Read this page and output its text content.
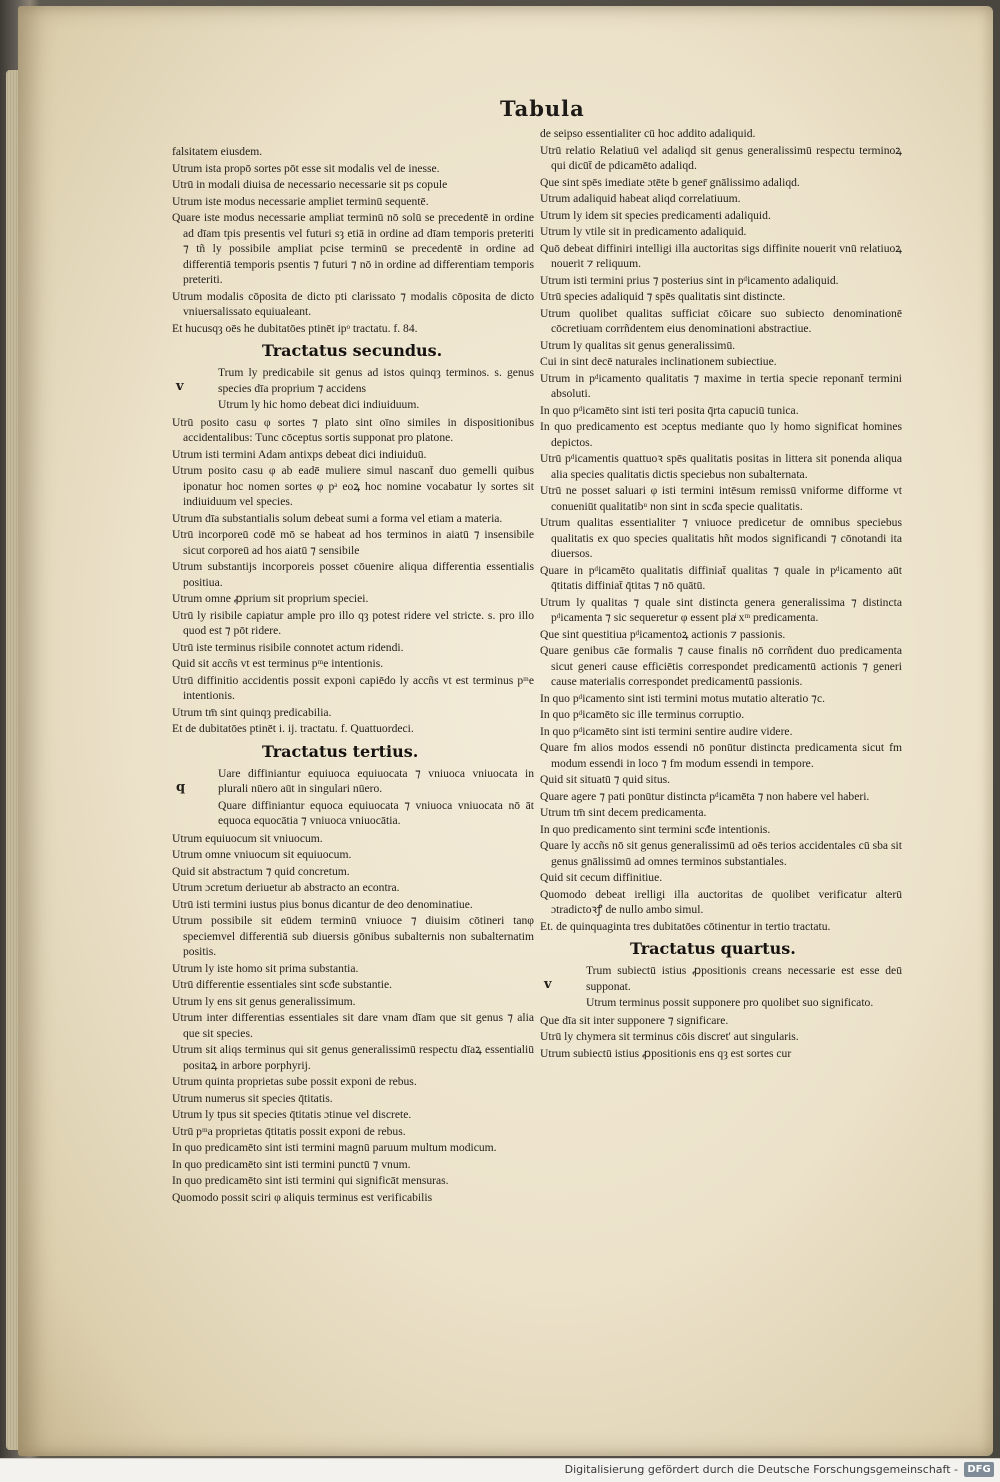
Tabula
falsitatem eiusdem.
Utrum ista propō sortes pōt esse sit modalis vel de inesse.
Utrū in modali diuisa de necessario necessarie sit ps copule
Utrum iste modus necessarie ampliet terminū sequentē.
Quare iste modus necessarie ampliat terminū nō solū se precedentē in ordine ad dīam tpis presentis vel futuri sȝ etiā in ordine ad dīam temporis preteriti ⁊ tñ ly possibile ampliat pcise terminū se precedentē in ordine ad differentiā temporis psentis ⁊ futuri ⁊ nō in ordine ad differentiam temporis preteriti.
Utrum modalis cōposita de dicto pti clarissato ⁊ modalis cōposita de dicto vniuersalissato equiualeant.
Et hucusqȝ oēs he dubitatōes ptinēt ipᵒ tractatu. f. 84.
Tractatus secundus.
v
Trum ly predicabile sit genus ad istos quinqȝ terminos. s. genus species dīa proprium ⁊ accidens
Utrum ly hic homo debeat dici indiuiduum.
Utrū posito casu φ sortes ⁊ plato sint oīno similes in dispositionibus accidentalibus: Tunc cōceptus sortis supponat pro platone.
Utrum isti termini Adam antixps debeat dici indiuiduū.
Utrum posito casu φ ab eadē muliere simul nascant̄ duo gemelli quibus iponatur hoc nomen sortes φ pᵃ eoꝝ hoc nomine vocabatur ly sortes sit indiuiduum vel species.
Utrum dīa substantialis solum debeat sumi a forma vel etiam a materia.
Utrū incorporeū codē mō se habeat ad hos terminos in aiatū ⁊ insensibile sicut corporeū ad hos aiatū ⁊ sensibile
Utrum substantijs incorporeis posset cōuenire aliqua differentia essentialis positiua.
Utrum omne ꝓprium sit proprium speciei.
Utrū ly risibile capiatur ample pro illo qȝ potest ridere vel stricte. s. pro illo quod est ⁊ pōt ridere.
Utrū iste terminus risibile connotet actum ridendi.
Quid sit accñs vt est terminus pᵐe intentionis.
Utrū diffinitio accidentis possit exponi capiēdo ly accñs vt est terminus pᵐe intentionis.
Utrum tm̄ sint quinqȝ predicabilia.
Et de dubitatōes ptinēt i. ij. tractatu. f. Quattuordeci.
Tractatus tertius.
q
Uare diffiniantur equiuoca equiuocata ⁊ vniuoca vniuocata in plurali nūero aūt in singulari nūero.
Quare diffiniantur equoca equiuocata ⁊ vniuoca vniuocata nō āt equoca equocātia ⁊ vniuoca vniuocātia.
Utrum equiuocum sit vniuocum.
Utrum omne vniuocum sit equiuocum.
Quid sit abstractum ⁊ quid concretum.
Utrum ɔcretum deriuetur ab abstracto an econtra.
Utrū isti termini iustus pius bonus dicantur de deo denominatiue.
Utrum possibile sit eūdem terminū vniuoce ⁊ diuisim cōtineri tanφ speciemvel differentiā sub diuersis gōnibus subalternis non subalternatim positis.
Utrum ly iste homo sit prima substantia.
Utrū differentie essentiales sint scđe substantie.
Utrum ly ens sit genus generalissimum.
Utrum inter differentias essentiales sit dare vnam dīam que sit genus ⁊ alia que sit species.
Utrum sit aliqs terminus qui sit genus generalissimū respectu dīaꝝ essentialiū positaꝝ in arbore porphyrij.
Utrum quinta proprietas sube possit exponi de rebus.
Utrum numerus sit species q̄titatis.
Utrum ly tpus sit species q̄titatis ɔtinue vel discrete.
Utrū pᵐa proprietas q̄titatis possit exponi de rebus.
In quo predicamēto sint isti termini magnū paruum multum modicum.
In quo predicamēto sint isti termini punctū ⁊ vnum.
In quo predicamēto sint isti termini qui significāt mensuras.
Quomodo possit sciri φ aliquis terminus est verificabilis
de seipso essentialiter cū hoc addito adaliquid.
Utrū relatio Relatiuū vel adaliqd sit genus generalissimū respectu terminoꝝ qui dicūt̄ de pdicamēto adaliqd.
Que sint spēs imediate ɔtēte b gener̄ gnālissimo adaliqd.
Utrum adaliquid habeat aliqd correlatiuum.
Utrum ly idem sit species predicamenti adaliquid.
Utrum ly vtile sit in predicamento adaliquid.
Quō debeat diffiniri intelligi illa auctoritas sigs diffinite nouerit vnū relatiuoꝝ nouerit ⁊ reliquum.
Utrum isti termini prius ⁊ posterius sint in pᵈicamento adaliquid.
Utrū species adaliquid ⁊ spēs qualitatis sint distincte.
Utrum quolibet qualitas sufficiat cōicare suo subiecto denominationē cōcretiuam corrñdentem eius denominationi abstractiue.
Utrum ly qualitas sit genus generalissimū.
Cui in sint decē naturales inclinationem subiectiue.
Utrum in pᵈicamento qualitatis ⁊ maxime in tertia specie reponant̄ termini absoluti.
In quo pᵈicamēto sint isti teri posita q̄rta capuciū tunica.
In quo predicamento est ɔceptus mediante quo ly homo significat homines depictos.
Utrū pᵈicamentis quattuoꝛ spēs qualitatis positas in littera sit ponenda aliqua alia species qualitatis dictis speciebus non subalternata.
Utrū ne posset saluari φ isti termini intēsum remissū vniforme difforme vt conueniūt qualitatibᵘ non sint in scđa specie qualitatis.
Utrum qualitas essentialiter ⁊ vniuoce predicetur de omnibus speciebus qualitatis ex quo species qualitatis hñt modos significandi ⁊ cōnotandi ita diuersos.
Quare in pᵈicamēto qualitatis diffiniat̄ qualitas ⁊ quale in pᵈicamento aūt q̄titatis diffiniat̄ q̄titas ⁊ nō quātū.
Utrum ly qualitas ⁊ quale sint distincta genera generalissima ⁊ distincta pᵈicamenta ⁊ sic sequeretur φ essent plaͥ xᵐ predicamenta.
Que sint questitiua pᵈicamentoꝝ actionis ⁊ passionis.
Quare genibus cāe formalis ⁊ cause finalis nō corrñdent duo predicamenta sicut generi cause efficiētis correspondet predicamentū actionis ⁊ generi cause materialis correspondet predicamentū passionis.
In quo pᵈicamento sint isti termini motus mutatio alteratio ⁊c.
In quo pᵈicamēto sic ille terminus corruptio.
In quo pᵈicamēto sint isti termini sentire audire videre.
Quare fm alios modos essendi nō ponūtur distincta predicamenta sicut fm modum essendi in loco ⁊ fm modum essendi in tempore.
Quid sit situatū ⁊ quid situs.
Quare agere ⁊ pati ponūtur distincta pᵈicamēta ⁊ non habere vel haberi.
Utrum tm̄ sint decem predicamenta.
In quo predicamento sint termini scđe intentionis.
Quare ly accñs nō sit genus generalissimū ad oēs terios accidentales cū sba sit genus gnālissimū ad omnes terminos substantiales.
Quid sit cecum diffinitiue.
Quomodo debeat irelligi illa auctoritas de quolibet verificatur alterū ɔtradictoꝛꝭ de nullo ambo simul.
Et. de quinquaginta tres dubitatōes cōtinentur in tertio tractatu.
Tractatus quartus.
v
Trum subiectū istius ꝓpositionis creans necessarie est esse deū supponat.
Utrum terminus possit supponere pro quolibet suo significato.
Que dīa sit inter supponere ⁊ significare.
Utrū ly chymera sit terminus cōis discret' aut singularis.
Utrum subiectū istius ꝓpositionis ens qȝ est sortes cur
Digitalisierung gefördert durch die Deutsche Forschungsgemeinschaft - DFG
